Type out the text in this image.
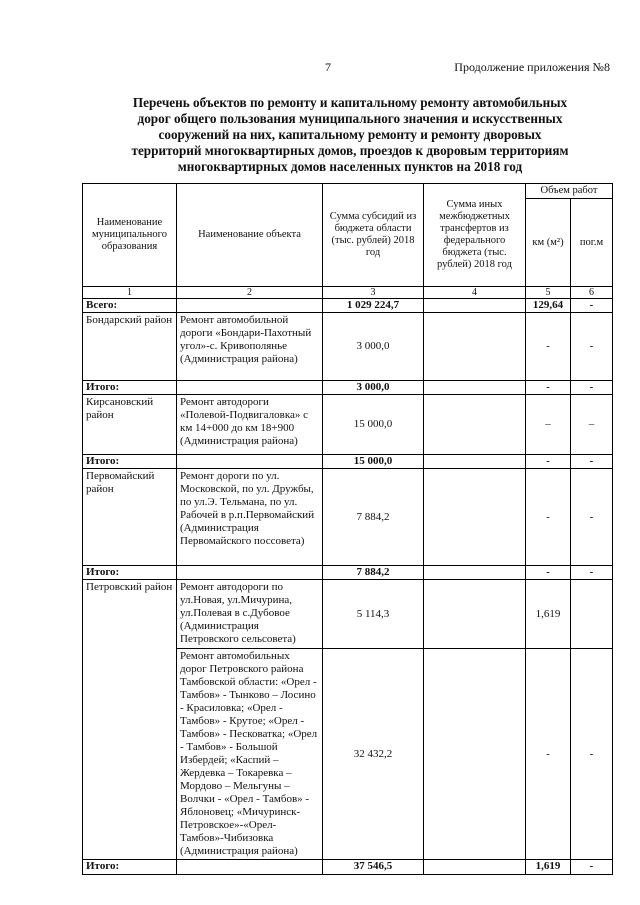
7	Продолжение приложения №8
Перечень объектов по ремонту и капитальному ремонту автомобильных
дорог общего пользования муниципального значения и искусственных
сооружений на них, капитальному ремонту и ремонту дворовых
территорий многоквартирных домов, проездов к дворовым территориям
многоквартирных домов населенных пунктов на 2018 год
Наименование муниципального образования	Наименование объекта	Сумма субсидий из бюджета области (тыс. рублей) 2018 год	Сумма иных межбюджетных трансфертов из федерального бюджета (тыс. рублей) 2018 год	Объем работ	
				км (м²)	пог.м
1	2	3	4	5	6
Всего:		1 029 224,7		129,64	-
Бондарский район	Ремонт автомобильной дороги «Бондари-Пахотный угол»-с. Кривополянье (Администрация района)	3 000,0		-	-
Итого:		3 000,0		-	-
Кирсановский район	Ремонт автодороги «Полевой-Подвигаловка» с км 14+000 до км 18+900 (Администрация района)	15 000,0		–	–
Итого:		15 000,0		-	-
Первомайский район	Ремонт дороги по ул. Московской, по ул. Дружбы, по ул.Э. Тельмана, по ул. Рабочей в р.п.Первомайский (Администрация Первомайского поссовета)	7 884,2		-	-
Итого:		7 884,2		-	-
Петровский район	Ремонт автодороги по ул.Новая, ул.Мичурина, ул.Полевая в с.Дубовое (Администрация Петровского сельсовета)	5 114,3		1,619	
	Ремонт автомобильных дорог Петровского района Тамбовской области: «Орел - Тамбов» - Тынково – Лосино - Красиловка; «Орел - Тамбов» - Крутое; «Орел - Тамбов» - Песковатка; «Орел - Тамбов» - Большой Избердей; «Каспий – Жердевка – Токаревка – Мордово – Мельгуны – Волчки - «Орел - Тамбов» - Яблоновец; «Мичуринск-Петровское»-«Орел-Тамбов»-Чибизовка (Администрация района)	32 432,2		-	-
Итого:		37 546,5		1,619	-
